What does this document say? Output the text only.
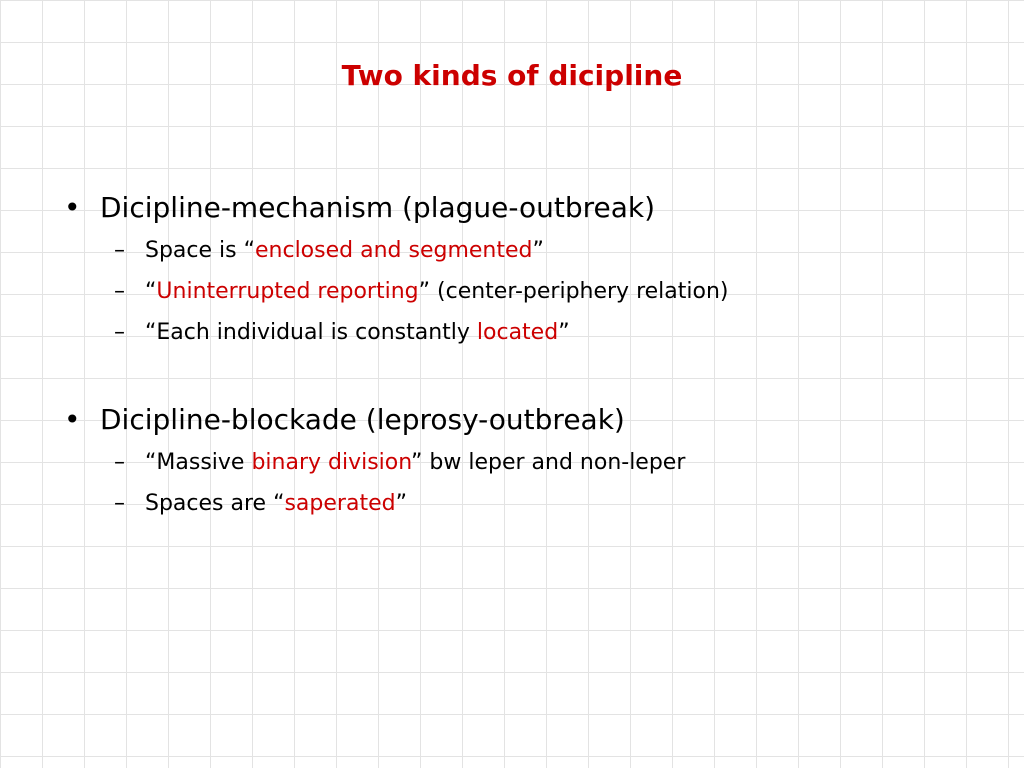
Two kinds of dicipline
• Dicipline-mechanism (plague-outbreak)
– Space is “enclosed and segmented”
– “Uninterrupted reporting” (center-periphery relation)
– “Each individual is constantly located”
• Dicipline-blockade (leprosy-outbreak)
– “Massive binary division” bw leper and non-leper
– Spaces are “saperated”
